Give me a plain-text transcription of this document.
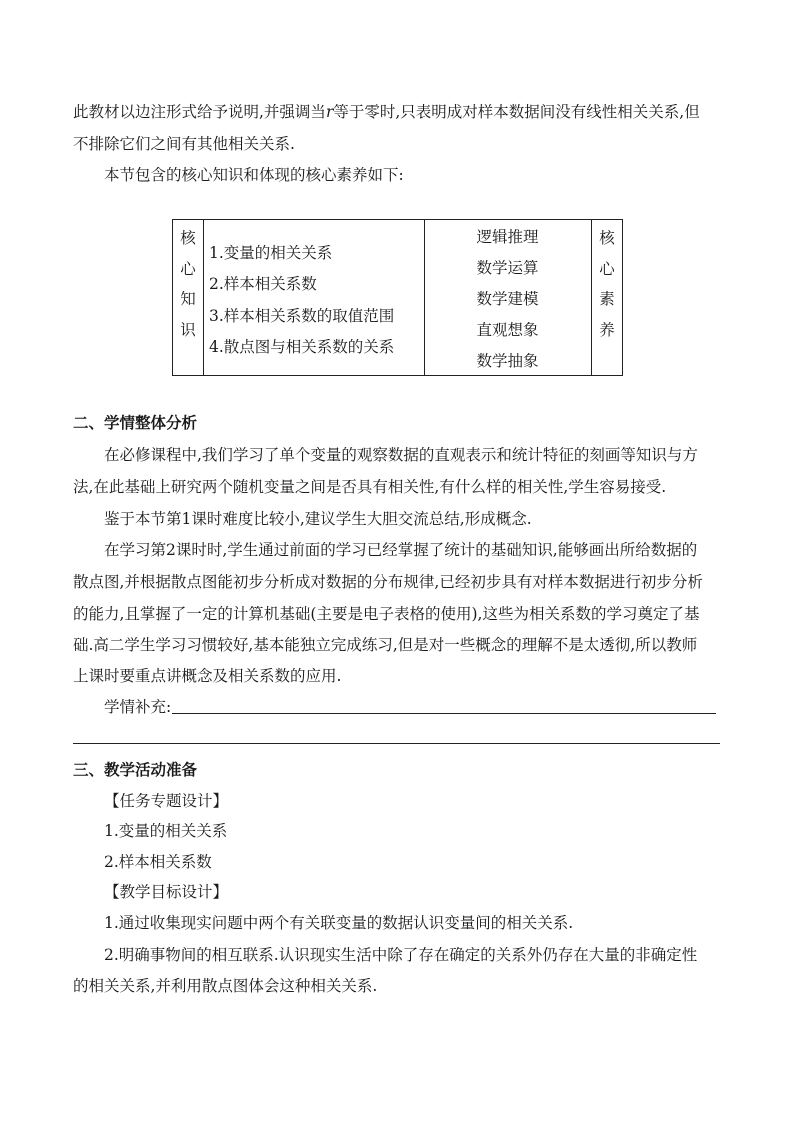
此教材以边注形式给予说明,并强调当r等于零时,只表明成对样本数据间没有线性相关关系,但
不排除它们之间有其他相关关系.
本节包含的核心知识和体现的核心素养如下:
核
心
知
识
1.变量的相关关系
2.样本相关系数
3.样本相关系数的取值范围
4.散点图与相关系数的关系
逻辑推理
数学运算
数学建模
直观想象
数学抽象
核
心
素
养
二、学情整体分析
在必修课程中,我们学习了单个变量的观察数据的直观表示和统计特征的刻画等知识与方
法,在此基础上研究两个随机变量之间是否具有相关性,有什么样的相关性,学生容易接受.
鉴于本节第1课时难度比较小,建议学生大胆交流总结,形成概念.
在学习第2课时时,学生通过前面的学习已经掌握了统计的基础知识,能够画出所给数据的
散点图,并根据散点图能初步分析成对数据的分布规律,已经初步具有对样本数据进行初步分析
的能力,且掌握了一定的计算机基础(主要是电子表格的使用),这些为相关系数的学习奠定了基
础.高二学生学习习惯较好,基本能独立完成练习,但是对一些概念的理解不是太透彻,所以教师
上课时要重点讲概念及相关系数的应用.
学情补充:
三、教学活动准备
【任务专题设计】
1.变量的相关关系
2.样本相关系数
【教学目标设计】
1.通过收集现实问题中两个有关联变量的数据认识变量间的相关关系.
2.明确事物间的相互联系.认识现实生活中除了存在确定的关系外仍存在大量的非确定性
的相关关系,并利用散点图体会这种相关关系.
